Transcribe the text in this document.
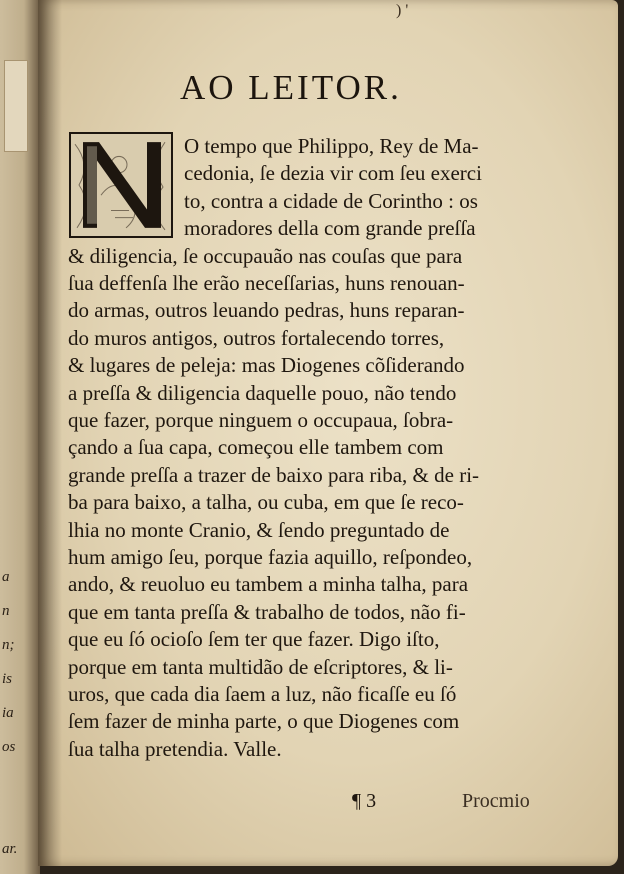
a
n
n;
is
ia
os
ar.
) '
AO LEITOR.
O tempo que Philippo, Rey de Ma-
cedonia, ſe dezia vir com ſeu exerci
to, contra a cidade de Corintho : os
moradores della com grande preſſa
& diligencia, ſe occupauão nas couſas que para
ſua deffenſa lhe erão neceſſarias, huns renouan-
do armas, outros leuando pedras, huns reparan-
do muros antigos, outros fortalecendo torres,
& lugares de peleja: mas Diogenes cõſiderando
a preſſa & diligencia daquelle pouo, não tendo
que fazer, porque ninguem o occupaua, ſobra-
çando a ſua capa, começou elle tambem com
grande preſſa a trazer de baixo para riba, & de ri-
ba para baixo, a talha, ou cuba, em que ſe reco-
lhia no monte Cranio, & ſendo preguntado de
hum amigo ſeu, porque fazia aquillo, reſpondeo,
ando, & reuoluo eu tambem a minha talha, para
que em tanta preſſa & trabalho de todos, não fi-
que eu ſó ocioſo ſem ter que fazer. Digo iſto,
porque em tanta multidão de eſcriptores, & li-
uros, que cada dia ſaem a luz, não ficaſſe eu ſó
ſem fazer de minha parte, o que Diogenes com
ſua talha pretendia. Valle.
¶ 3	Procmio
